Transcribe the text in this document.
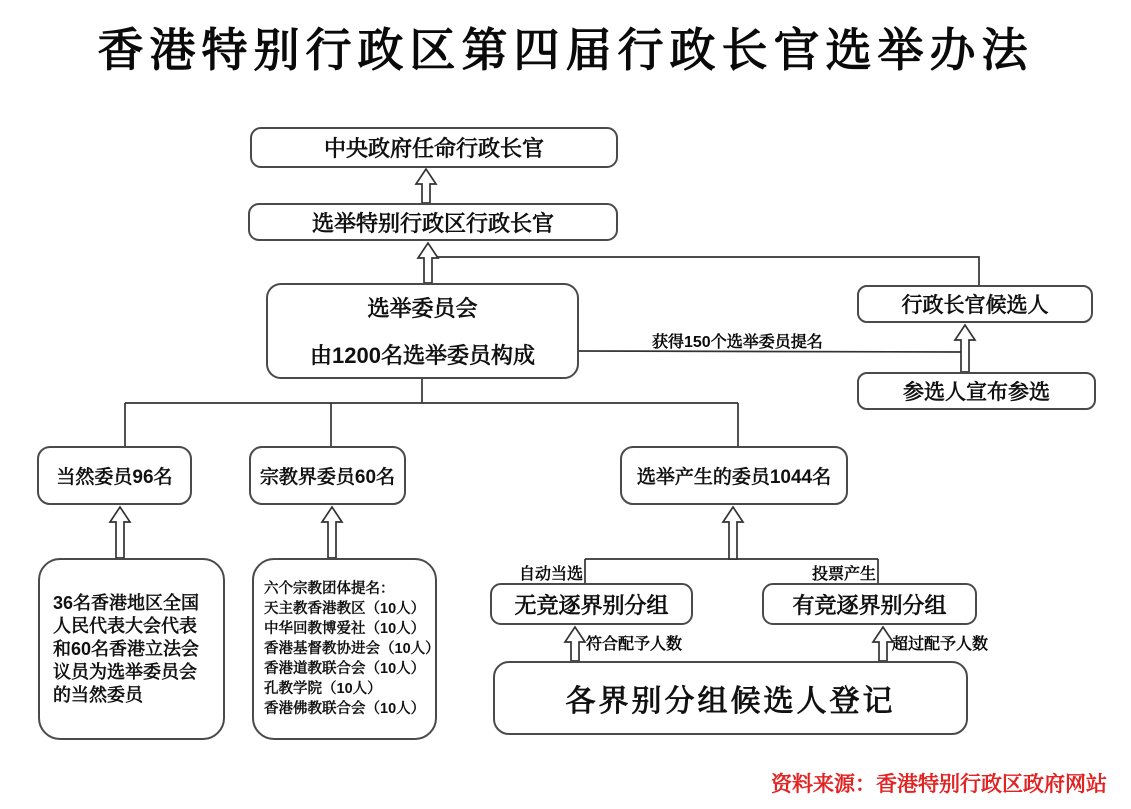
香港特别行政区第四届行政长官选举办法
中央政府任命行政长官
选举特别行政区行政长官
选举委员会
由1200名选举委员构成
行政长官候选人
参选人宣布参选
当然委员96名	宗教界委员60名	选举产生的委员1044名
36名香港地区全国
人民代表大会代表
和60名香港立法会
议员为选举委员会
的当然委员
六个宗教团体提名：
天主教香港教区（10人）
中华回教博爱社（10人）
香港基督教协进会（10人）
香港道教联合会（10人）
孔教学院（10人）
香港佛教联合会（10人）
无竞逐界别分组	有竞逐界别分组
各界别分组候选人登记
获得150个选举委员提名
自动当选	投票产生
符合配予人数	超过配予人数
资料来源：香港特别行政区政府网站
